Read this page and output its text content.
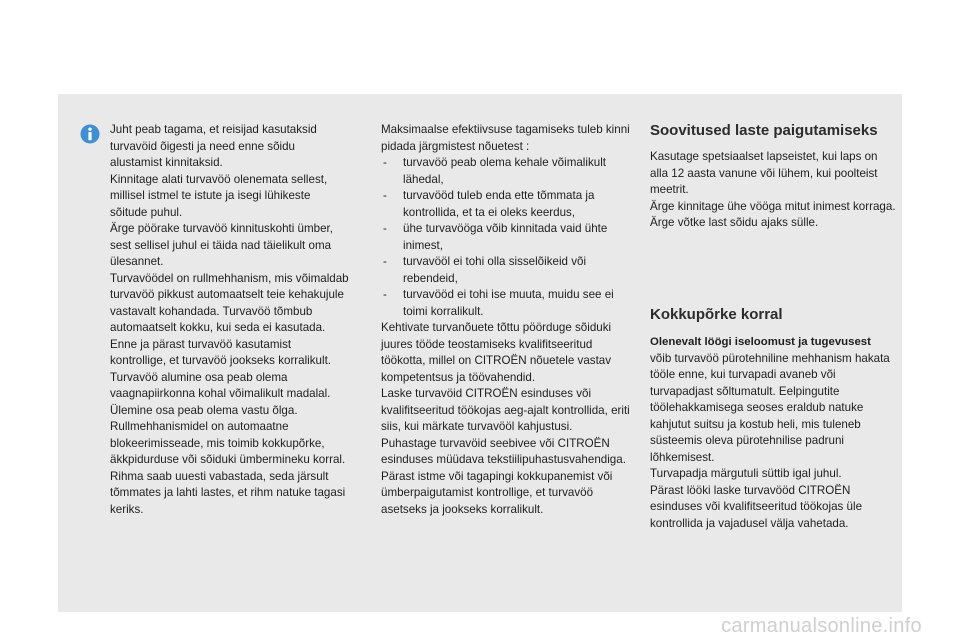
Juht peab tagama, et reisijad kasutaksid turvavöid õigesti ja need enne sõidu alustamist kinnitaksid.

Kinnitage alati turvavöö olenemata sellest, millisel istmel te istute ja isegi lühikeste sõitude puhul.

Ärge pöörake turvavöö kinnituskohti ümber, sest sellisel juhul ei täida nad täielikult oma ülesannet.

Turvavöödel on rullmehhanism, mis võimaldab turvavöö pikkust automaatselt teie kehakujule vastavalt kohandada. Turvavöö tõmbub automaatselt kokku, kui seda ei kasutada.

Enne ja pärast turvavöö kasutamist kontrollige, et turvavöö jookseks korralikult.

Turvavöö alumine osa peab olema vaagnapiirkonna kohal võimalikult madalal.

Ülemine osa peab olema vastu õlga.

Rullmehhanismidel on automaatne blokeerimisseade, mis toimib kokkupõrke, äkkpidurduse või sõiduki ümbermineku korral. Rihma saab uuesti vabastada, seda järsult tõmmates ja lahti lastes, et rihm natuke tagasi keriks.

Maksimaalse efektiivsuse tagamiseks tuleb kinni pidada järgmistest nõuetest :

- turvavöö peab olema kehale võimalikult lähedal,
- turvavööd tuleb enda ette tõmmata ja kontrollida, et ta ei oleks keerdus,
- ühe turvavööga võib kinnitada vaid ühte inimest,
- turvavööl ei tohi olla sisselõikeid või rebendeid,
- turvavööd ei tohi ise muuta, muidu see ei toimi korralikult.

Kehtivate turvanõuete tõttu pöörduge sõiduki juures tööde teostamiseks kvalifitseeritud töökotta, millel on CITROËN nõuetele vastav kompetentsus ja töövahendid.

Laske turvavöid CITROËN esinduses või kvalifitseeritud töökojas aeg-ajalt kontrollida, eriti siis, kui märkate turvavööl kahjustusi.

Puhastage turvavöid seebivee või CITROËN esinduses müüdava tekstiilipuhastusvahendiga.

Pärast istme või tagapingi kokkupanemist või ümberpaigutamist kontrollige, et turvavöö asetseks ja jookseks korralikult.

Soovitused laste paigutamiseks

Kasutage spetsiaalset lapseistet, kui laps on alla 12 aasta vanune või lühem, kui poolteist meetrit.

Ärge kinnitage ühe vööga mitut inimest korraga.

Ärge võtke last sõidu ajaks sülle.

Kokkupõrke korral

Olenevalt löögi iseloomust ja tugevusest

võib turvavöö pürotehniline mehhanism hakata tööle enne, kui turvapadi avaneb või turvapadjast sõltumatult. Eelpingutite töölehakkamisega seoses eraldub natuke kahjutut suitsu ja kostub heli, mis tuleneb süsteemis oleva pürotehnilise padruni lõhkemisest.

Turvapadja märgutuli süttib igal juhul.

Pärast lööki laske turvavööd CITROËN esinduses või kvalifitseeritud töökojas üle kontrollida ja vajadusel välja vahetada.

carmanualsonline.info
